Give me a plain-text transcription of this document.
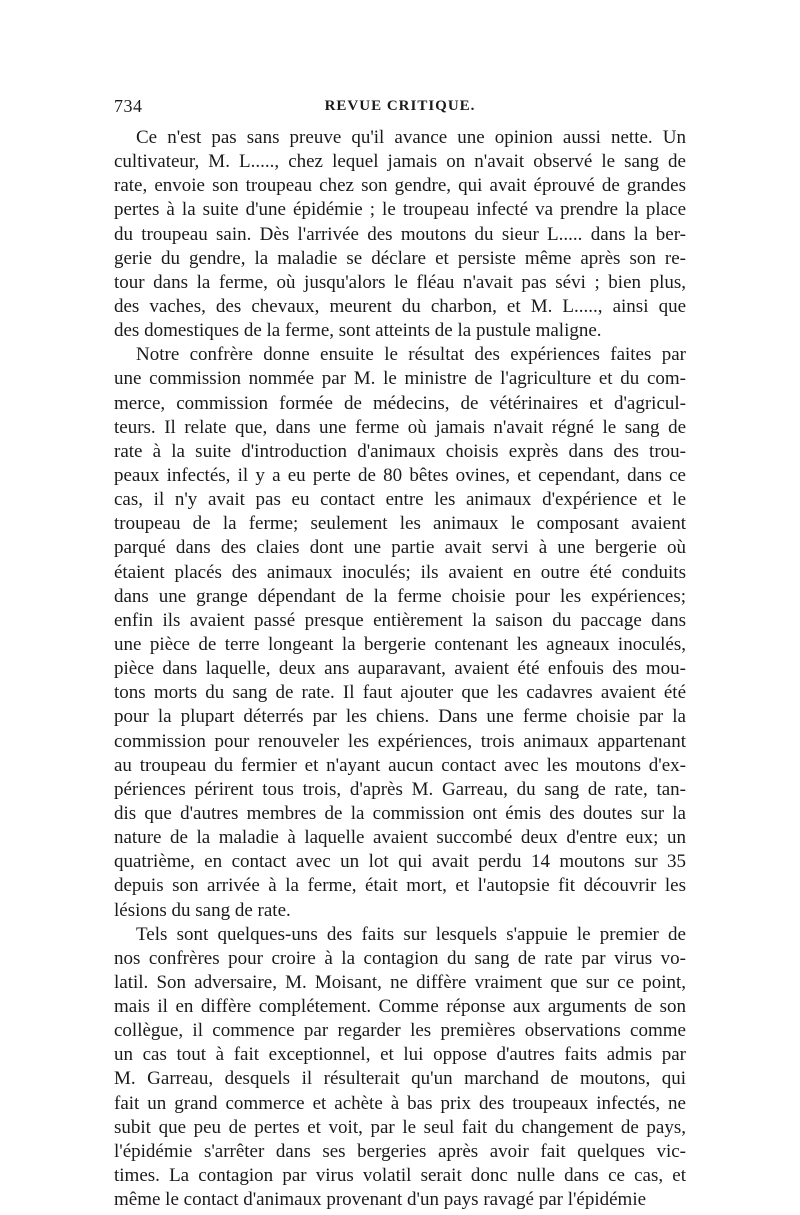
734	REVUE CRITIQUE.
Ce n'est pas sans preuve qu'il avance une opinion aussi nette. Un
cultivateur, M. L....., chez lequel jamais on n'avait observé le sang de
rate, envoie son troupeau chez son gendre, qui avait éprouvé de grandes
pertes à la suite d'une épidémie ; le troupeau infecté va prendre la place
du troupeau sain. Dès l'arrivée des moutons du sieur L..... dans la ber-
gerie du gendre, la maladie se déclare et persiste même après son re-
tour dans la ferme, où jusqu'alors le fléau n'avait pas sévi ; bien plus,
des vaches, des chevaux, meurent du charbon, et M. L....., ainsi que
des domestiques de la ferme, sont atteints de la pustule maligne.
Notre confrère donne ensuite le résultat des expériences faites par
une commission nommée par M. le ministre de l'agriculture et du com-
merce, commission formée de médecins, de vétérinaires et d'agricul-
teurs. Il relate que, dans une ferme où jamais n'avait régné le sang de
rate à la suite d'introduction d'animaux choisis exprès dans des trou-
peaux infectés, il y a eu perte de 80 bêtes ovines, et cependant, dans ce
cas, il n'y avait pas eu contact entre les animaux d'expérience et le
troupeau de la ferme; seulement les animaux le composant avaient
parqué dans des claies dont une partie avait servi à une bergerie où
étaient placés des animaux inoculés; ils avaient en outre été conduits
dans une grange dépendant de la ferme choisie pour les expériences;
enfin ils avaient passé presque entièrement la saison du paccage dans
une pièce de terre longeant la bergerie contenant les agneaux inoculés,
pièce dans laquelle, deux ans auparavant, avaient été enfouis des mou-
tons morts du sang de rate. Il faut ajouter que les cadavres avaient été
pour la plupart déterrés par les chiens. Dans une ferme choisie par la
commission pour renouveler les expériences, trois animaux appartenant
au troupeau du fermier et n'ayant aucun contact avec les moutons d'ex-
périences périrent tous trois, d'après M. Garreau, du sang de rate, tan-
dis que d'autres membres de la commission ont émis des doutes sur la
nature de la maladie à laquelle avaient succombé deux d'entre eux; un
quatrième, en contact avec un lot qui avait perdu 14 moutons sur 35
depuis son arrivée à la ferme, était mort, et l'autopsie fit découvrir les
lésions du sang de rate.
Tels sont quelques-uns des faits sur lesquels s'appuie le premier de
nos confrères pour croire à la contagion du sang de rate par virus vo-
latil. Son adversaire, M. Moisant, ne diffère vraiment que sur ce point,
mais il en diffère complétement. Comme réponse aux arguments de son
collègue, il commence par regarder les premières observations comme
un cas tout à fait exceptionnel, et lui oppose d'autres faits admis par
M. Garreau, desquels il résulterait qu'un marchand de moutons, qui
fait un grand commerce et achète à bas prix des troupeaux infectés, ne
subit que peu de pertes et voit, par le seul fait du changement de pays,
l'épidémie s'arrêter dans ses bergeries après avoir fait quelques vic-
times. La contagion par virus volatil serait donc nulle dans ce cas, et
même le contact d'animaux provenant d'un pays ravagé par l'épidémie
